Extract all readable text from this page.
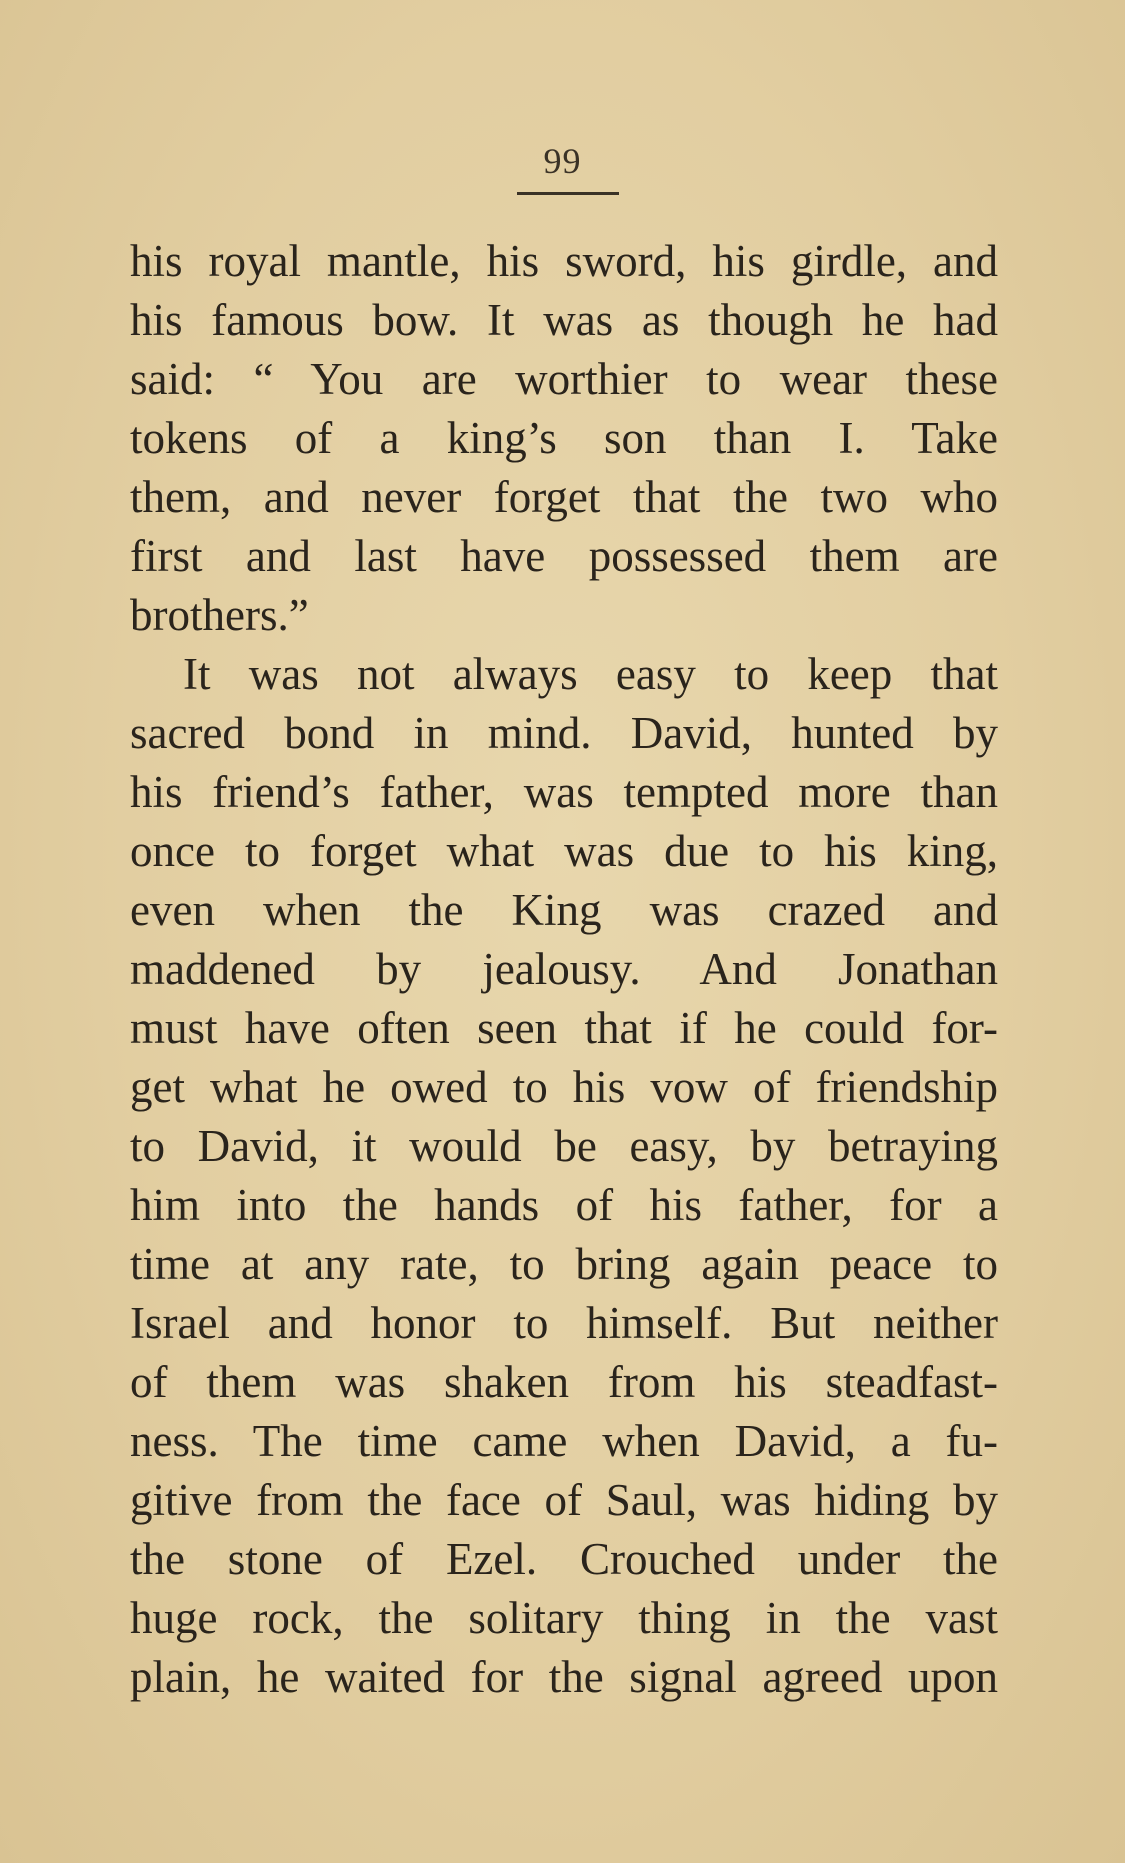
99
his royal mantle, his sword, his girdle, and
his famous bow. It was as though he had
said: “ You are worthier to wear these
tokens of a king’s son than I. Take
them, and never forget that the two who
first and last have possessed them are
brothers.”
It was not always easy to keep that
sacred bond in mind. David, hunted by
his friend’s father, was tempted more than
once to forget what was due to his king,
even when the King was crazed and
maddened by jealousy. And Jonathan
must have often seen that if he could for-
get what he owed to his vow of friendship
to David, it would be easy, by betraying
him into the hands of his father, for a
time at any rate, to bring again peace to
Israel and honor to himself. But neither
of them was shaken from his steadfast-
ness. The time came when David, a fu-
gitive from the face of Saul, was hiding by
the stone of Ezel. Crouched under the
huge rock, the solitary thing in the vast
plain, he waited for the signal agreed upon
